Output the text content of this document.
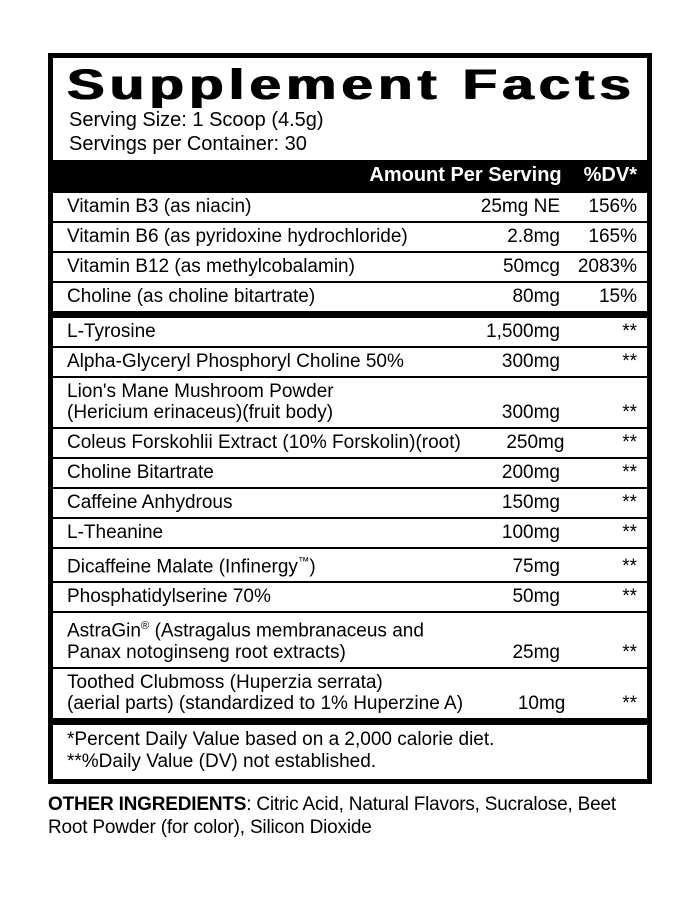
Supplement Facts
Serving Size: 1 Scoop (4.5g)
Servings per Container: 30
Amount Per Serving %DV*
Vitamin B3 (as niacin)	25mg NE	156%
Vitamin B6 (as pyridoxine hydrochloride)	2.8mg	165%
Vitamin B12 (as methylcobalamin)	50mcg 2083%
Choline (as choline bitartrate)	80mg	15%
L-Tyrosine	1,500mg	**
Alpha-Glyceryl Phosphoryl Choline 50%	300mg	**
Lion's Mane Mushroom Powder
(Hericium erinaceus)(fruit body)	300mg	**
Coleus Forskohlii Extract (10% Forskolin)(root)	250mg	**
Choline Bitartrate	200mg	**
Caffeine Anhydrous	150mg	**
L-Theanine	100mg	**
Dicaffeine Malate (Infinergy™)	75mg	**
Phosphatidylserine 70%	50mg	**
AstraGin® (Astragalus membranaceus and
Panax notoginseng root extracts)	25mg	**
Toothed Clubmoss (Huperzia serrata)
(aerial parts) (standardized to 1% Huperzine A)	10mg	**
*Percent Daily Value based on a 2,000 calorie diet.
**%Daily Value (DV) not established.
OTHER INGREDIENTS: Citric Acid, Natural Flavors, Sucralose, Beet Root Powder (for color), Silicon Dioxide
